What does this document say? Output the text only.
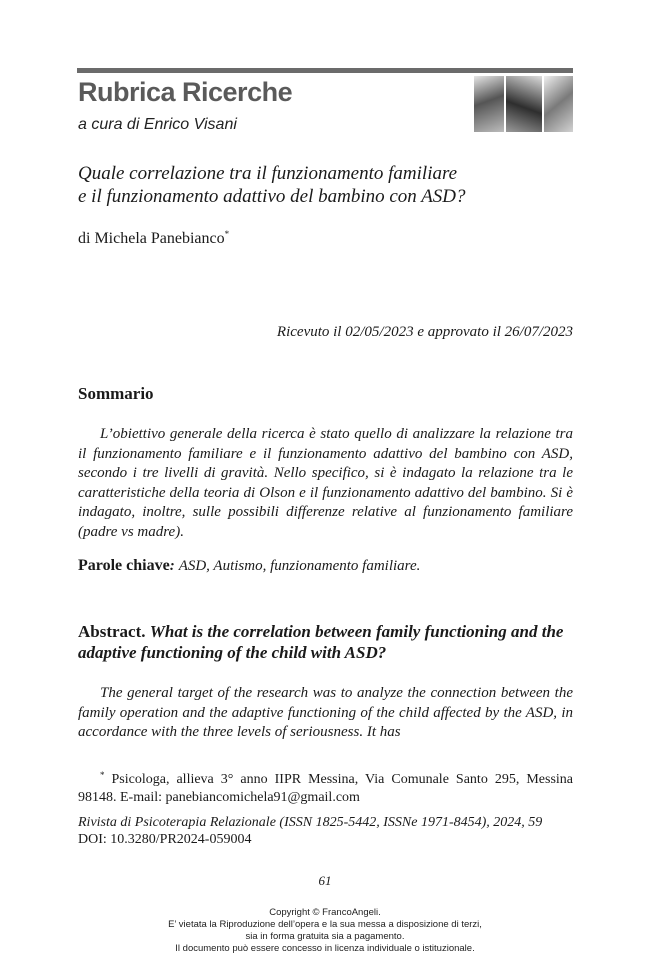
Rubrica Ricerche
a cura di Enrico Visani
Quale correlazione tra il funzionamento familiare
e il funzionamento adattivo del bambino con ASD?
di Michela Panebianco*
Ricevuto il 02/05/2023 e approvato il 26/07/2023
Sommario

L’obiettivo generale della ricerca è stato quello di analizzare la relazione tra il funzionamento familiare e il funzionamento adattivo del bambino con ASD, secondo i tre livelli di gravità. Nello specifico, si è indagato la relazione tra le caratteristiche della teoria di Olson e il funzionamento adattivo del bambino. Si è indagato, inoltre, sulle possibili differenze relative al funzionamento familiare (padre vs madre).

Parole chiave: ASD, Autismo, funzionamento familiare.
Abstract. What is the correlation between family functioning and the adaptive functioning of the child with ASD?

The general target of the research was to analyze the connection between the family operation and the adaptive functioning of the child affected by the ASD, in accordance with the three levels of seriousness. It has

* Psicologa, allieva 3° anno IIPR Messina, Via Comunale Santo 295, Messina 98148. E-mail: panebiancomichela91@gmail.com
Rivista di Psicoterapia Relazionale (ISSN 1825-5442, ISSNe 1971-8454), 2024, 59
DOI: 10.3280/PR2024-059004
61
Copyright © FrancoAngeli.
E’ vietata la Riproduzione dell’opera e la sua messa a disposizione di terzi,
sia in forma gratuita sia a pagamento.
Il documento può essere concesso in licenza individuale o istituzionale.
